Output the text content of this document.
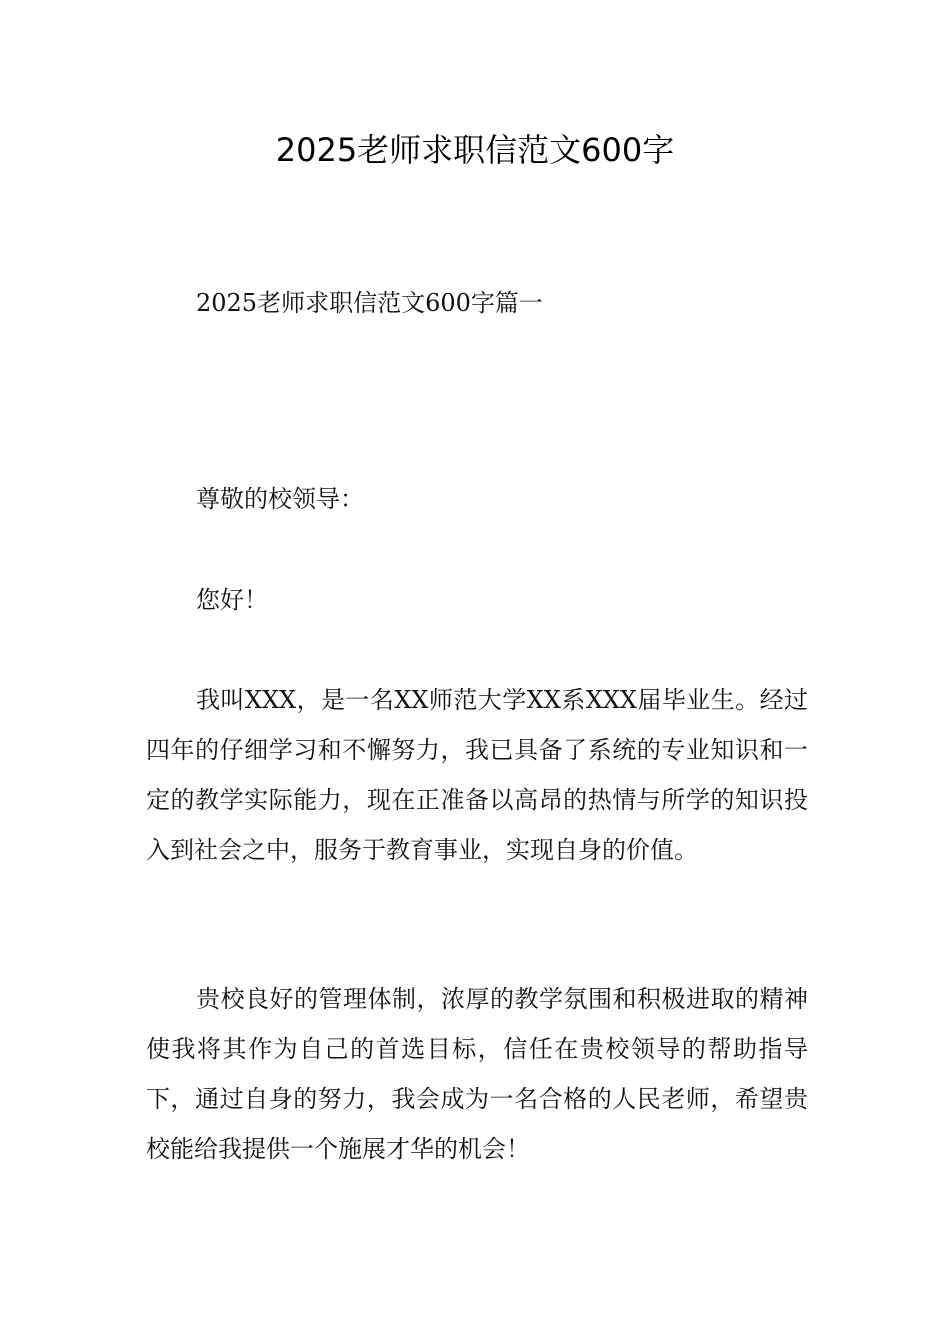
2025老师求职信范文600字

2025老师求职信范文600字篇一

尊敬的校领导：

您好！

我叫XXX，是一名XX师范大学XX系XXX届毕业生。经过四年的仔细学习和不懈努力，我已具备了系统的专业知识和一定的教学实际能力，现在正准备以高昂的热情与所学的知识投入到社会之中，服务于教育事业，实现自身的价值。

贵校良好的管理体制，浓厚的教学氛围和积极进取的精神使我将其作为自己的首选目标，信任在贵校领导的帮助指导下，通过自身的努力，我会成为一名合格的人民老师，希望贵校能给我提供一个施展才华的机会！
